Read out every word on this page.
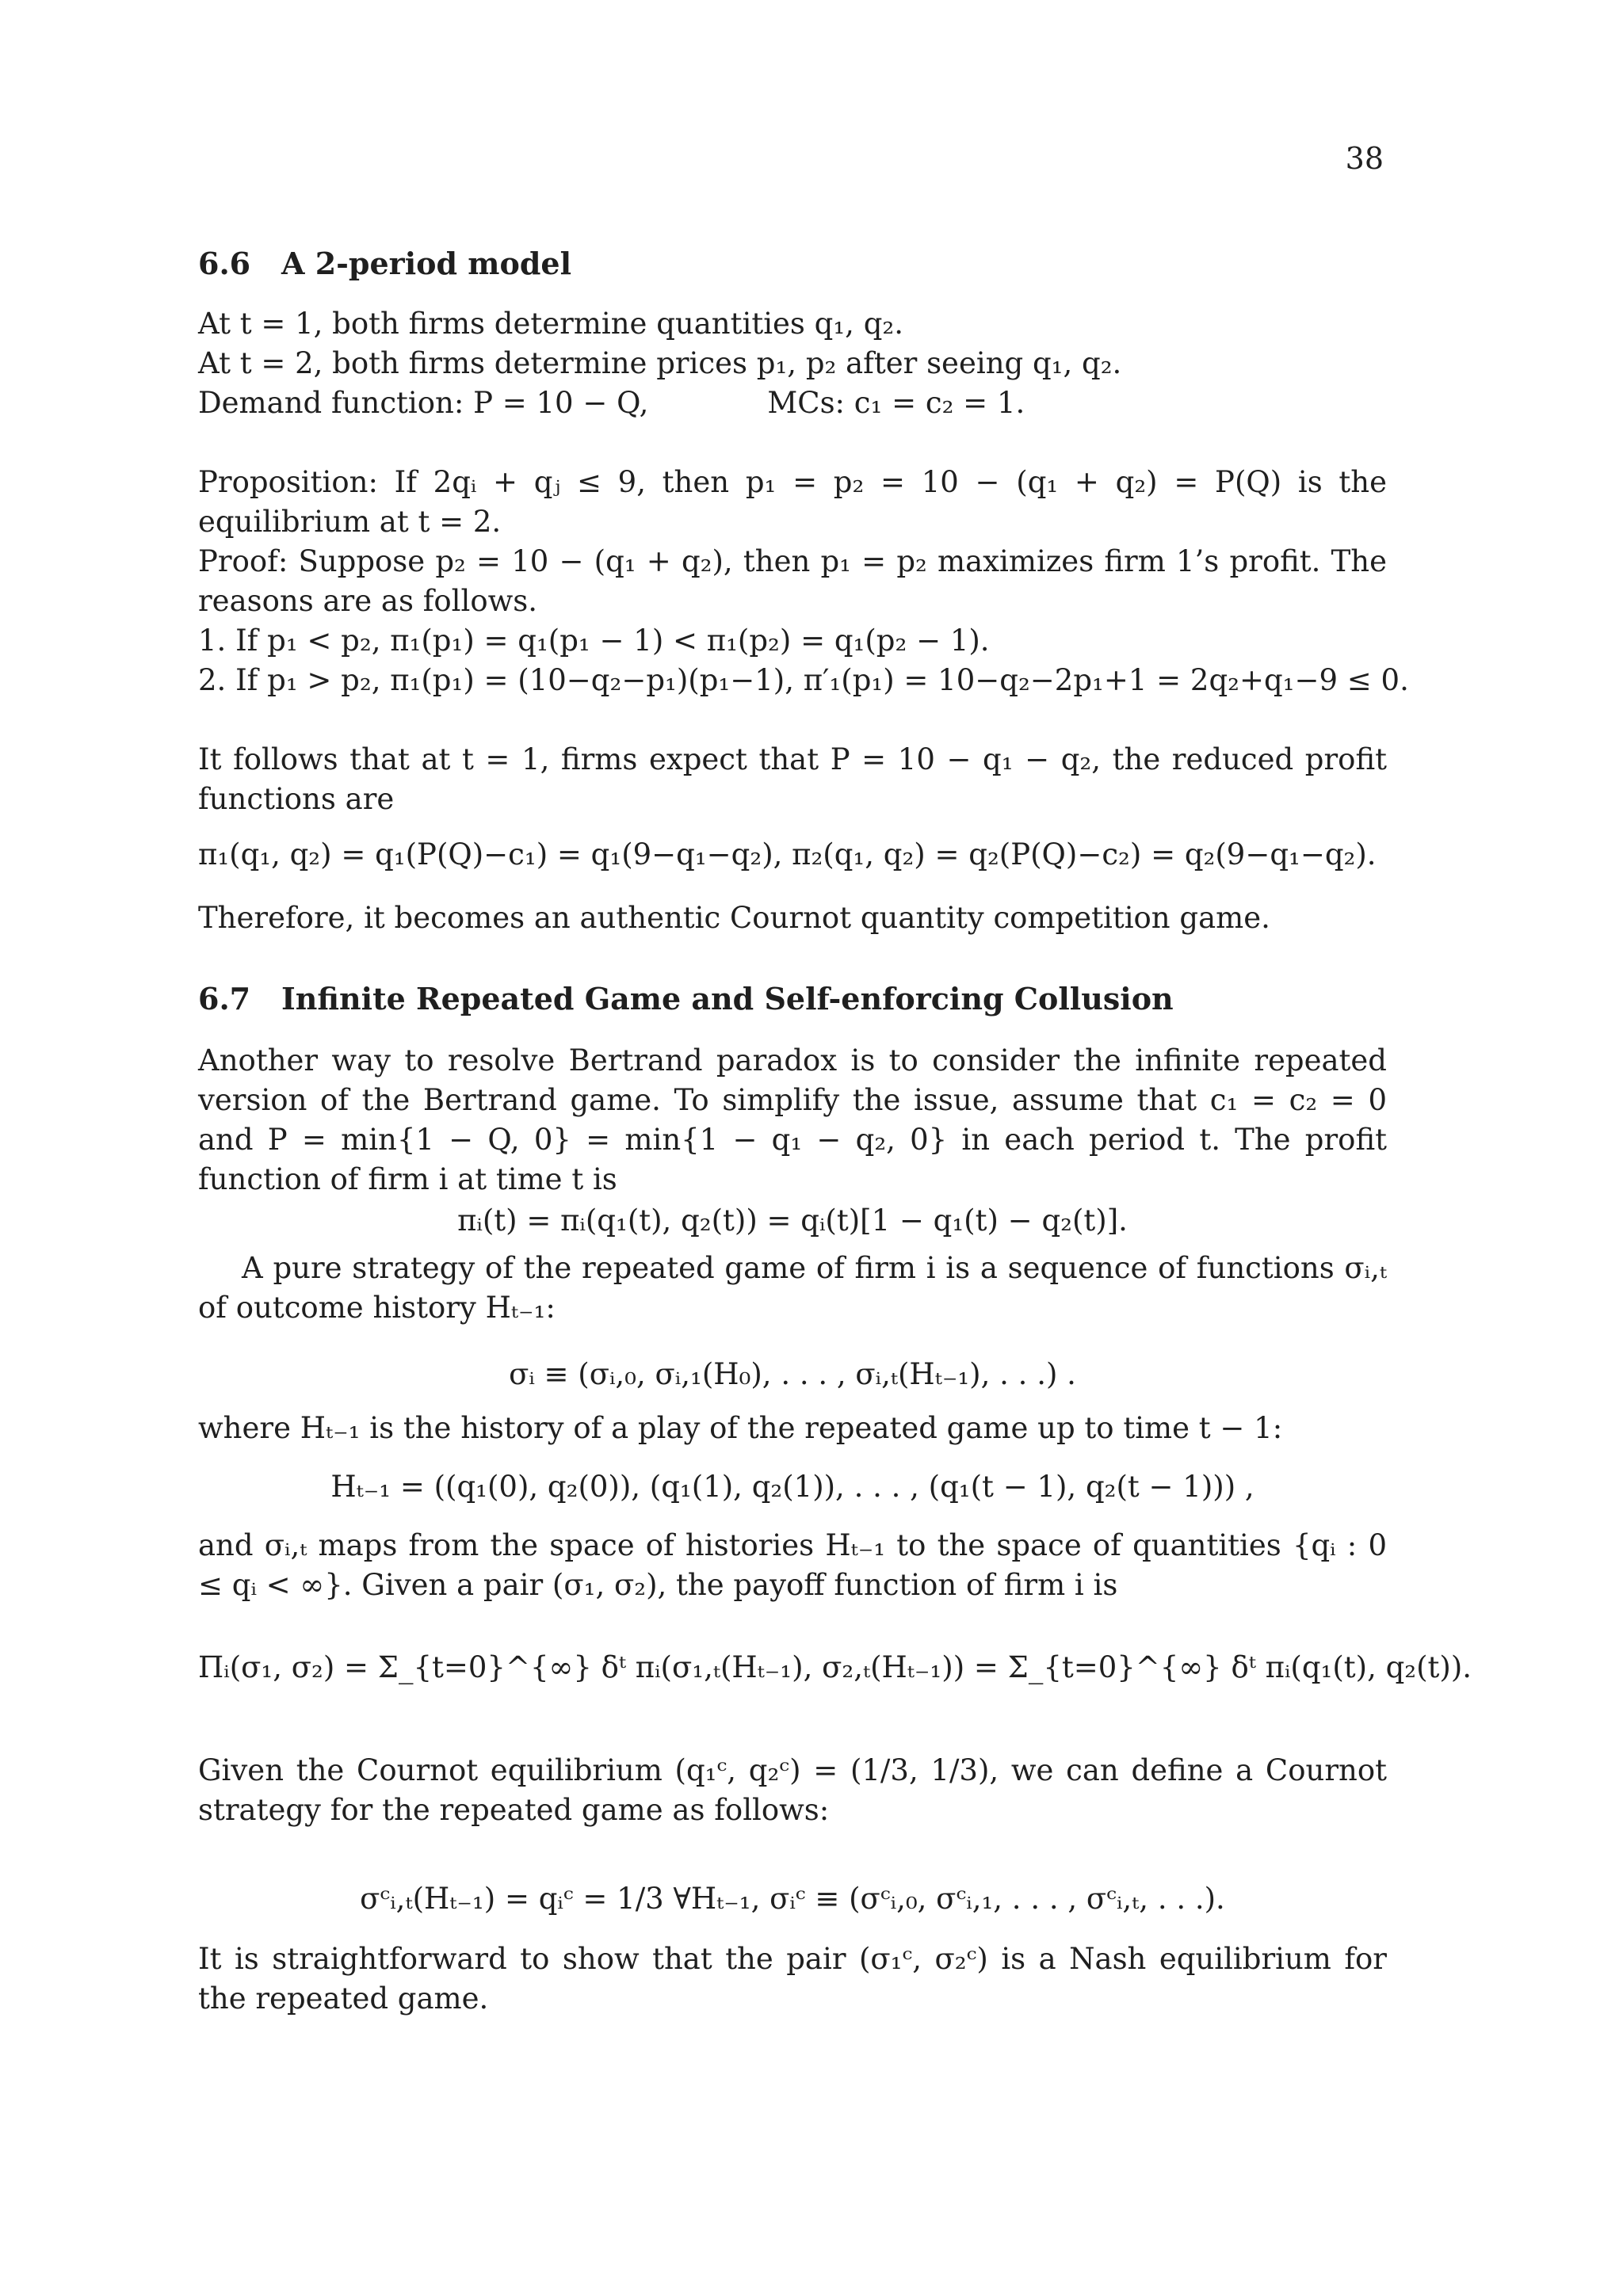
38

6.6 A 2-period model

At t = 1, both firms determine quantities q₁, q₂.
At t = 2, both firms determine prices p₁, p₂ after seeing q₁, q₂.
Demand function: P = 10 − Q,	MCs: c₁ = c₂ = 1.
Proposition: If 2qᵢ + qⱼ ≤ 9, then p₁ = p₂ = 10 − (q₁ + q₂) = P(Q) is the equilibrium at t = 2.
Proof: Suppose p₂ = 10 − (q₁ + q₂), then p₁ = p₂ maximizes firm 1’s profit. The reasons are as follows.
1. If p₁ < p₂, π₁(p₁) = q₁(p₁ − 1) < π₁(p₂) = q₁(p₂ − 1).
2. If p₁ > p₂, π₁(p₁) = (10−q₂−p₁)(p₁−1), π′₁(p₁) = 10−q₂−2p₁+1 = 2q₂+q₁−9 ≤ 0.
It follows that at t = 1, firms expect that P = 10 − q₁ − q₂, the reduced profit functions are
π₁(q₁, q₂) = q₁(P(Q)−c₁) = q₁(9−q₁−q₂), π₂(q₁, q₂) = q₂(P(Q)−c₂) = q₂(9−q₁−q₂).
Therefore, it becomes an authentic Cournot quantity competition game.

6.7 Infinite Repeated Game and Self-enforcing Collusion

Another way to resolve Bertrand paradox is to consider the infinite repeated version of the Bertrand game. To simplify the issue, assume that c₁ = c₂ = 0 and P = min{1 − Q, 0} = min{1 − q₁ − q₂, 0} in each period t. The profit function of firm i at time t is
πᵢ(t) = πᵢ(q₁(t), q₂(t)) = qᵢ(t)[1 − q₁(t) − q₂(t)].
A pure strategy of the repeated game of firm i is a sequence of functions σᵢ,ₜ of outcome history Hₜ₋₁:
σᵢ ≡ (σᵢ,₀, σᵢ,₁(H₀), . . . , σᵢ,ₜ(Hₜ₋₁), . . .) .
where Hₜ₋₁ is the history of a play of the repeated game up to time t − 1:
Hₜ₋₁ = ((q₁(0), q₂(0)), (q₁(1), q₂(1)), . . . , (q₁(t − 1), q₂(t − 1))) ,
and σᵢ,ₜ maps from the space of histories Hₜ₋₁ to the space of quantities {qᵢ : 0 ≤ qᵢ < ∞}. Given a pair (σ₁, σ₂), the payoff function of firm i is
Πᵢ(σ₁, σ₂) = Σ_{t=0}^{∞} δᵗ πᵢ(σ₁,ₜ(Hₜ₋₁), σ₂,ₜ(Hₜ₋₁)) = Σ_{t=0}^{∞} δᵗ πᵢ(q₁(t), q₂(t)).
Given the Cournot equilibrium (q₁ᶜ, q₂ᶜ) = (1/3, 1/3), we can define a Cournot strategy for the repeated game as follows:
σᶜᵢ,ₜ(Hₜ₋₁) = qᵢᶜ = 1/3 ∀Hₜ₋₁, σᵢᶜ ≡ (σᶜᵢ,₀, σᶜᵢ,₁, . . . , σᶜᵢ,ₜ, . . .).
It is straightforward to show that the pair (σ₁ᶜ, σ₂ᶜ) is a Nash equilibrium for the repeated game.
